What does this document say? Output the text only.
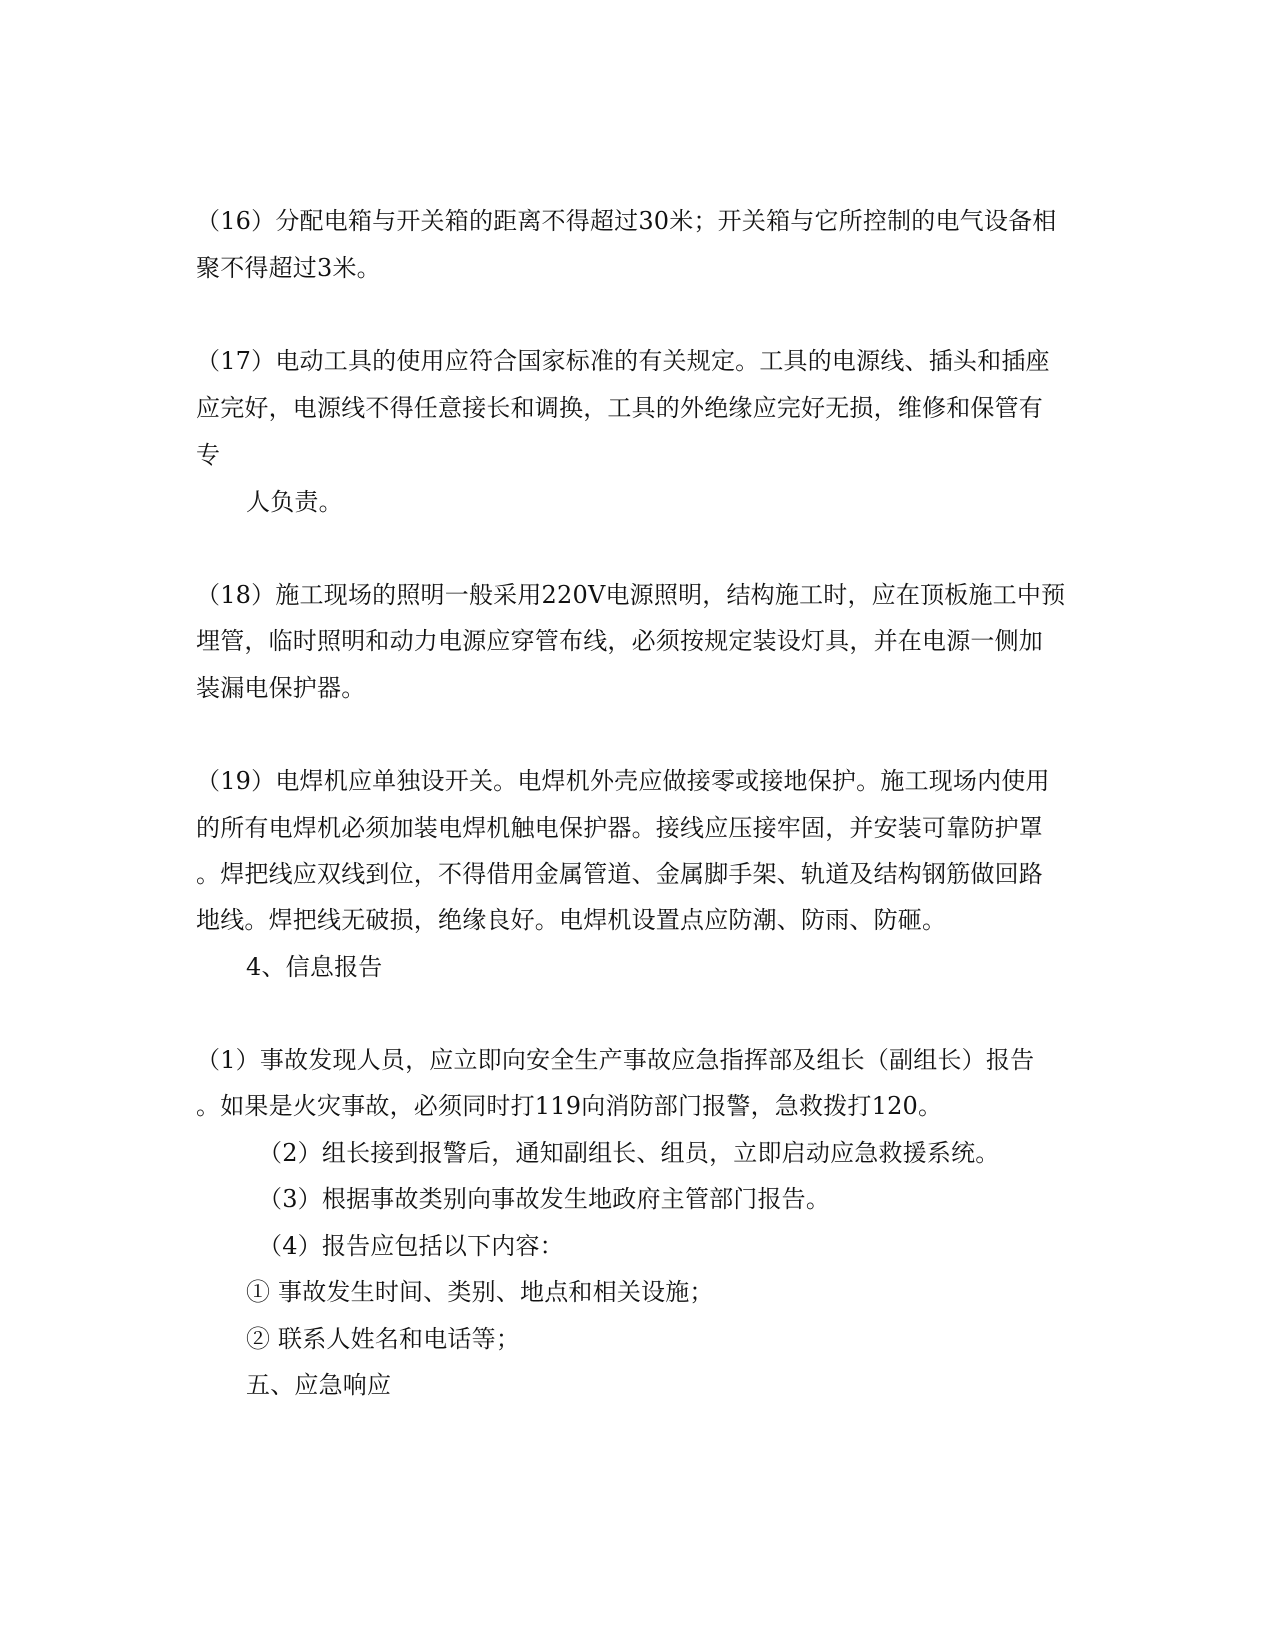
（16）分配电箱与开关箱的距离不得超过30米；开关箱与它所控制的电气设备相
聚不得超过3米。
（17）电动工具的使用应符合国家标准的有关规定。工具的电源线、插头和插座
应完好，电源线不得任意接长和调换，工具的外绝缘应完好无损，维修和保管有
专
人负责。
（18）施工现场的照明一般采用220V电源照明，结构施工时，应在顶板施工中预
埋管，临时照明和动力电源应穿管布线，必须按规定装设灯具，并在电源一侧加
装漏电保护器。
（19）电焊机应单独设开关。电焊机外壳应做接零或接地保护。施工现场内使用
的所有电焊机必须加装电焊机触电保护器。接线应压接牢固，并安装可靠防护罩
。焊把线应双线到位，不得借用金属管道、金属脚手架、轨道及结构钢筋做回路
地线。焊把线无破损，绝缘良好。电焊机设置点应防潮、防雨、防砸。
4、信息报告
（1）事故发现人员，应立即向安全生产事故应急指挥部及组长（副组长）报告
。如果是火灾事故，必须同时打119向消防部门报警，急救拨打120。
（2）组长接到报警后，通知副组长、组员，立即启动应急救援系统。
（3）根据事故类别向事故发生地政府主管部门报告。
（4）报告应包括以下内容：
① 事故发生时间、类别、地点和相关设施；
② 联系人姓名和电话等；
五、应急响应
